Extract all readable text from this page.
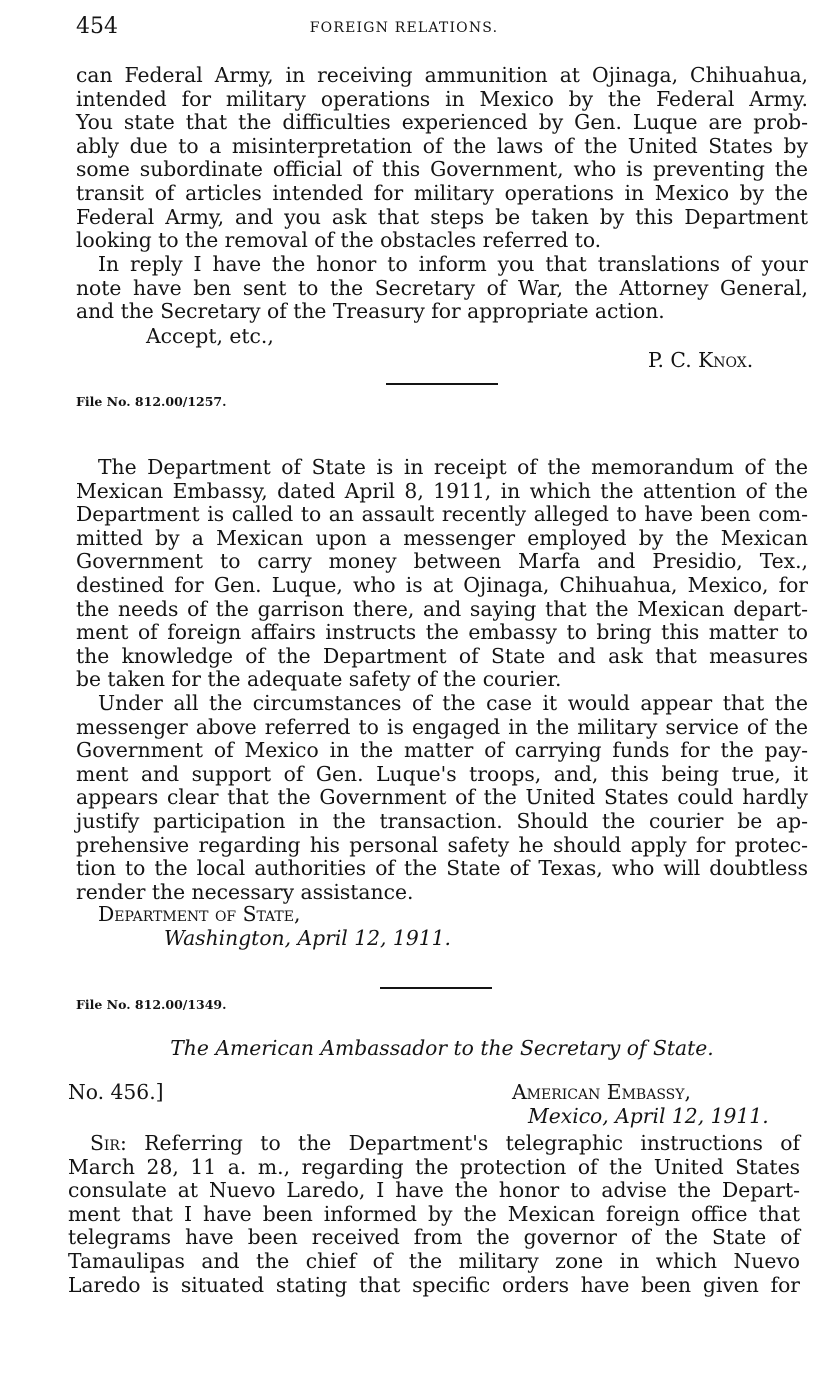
454	FOREIGN RELATIONS.
can Federal Army, in receiving ammunition at Ojinaga, Chihuahua,
intended for military operations in Mexico by the Federal Army.
You state that the difficulties experienced by Gen. Luque are prob-
ably due to a misinterpretation of the laws of the United States by
some subordinate official of this Government, who is preventing the
transit of articles intended for military operations in Mexico by the
Federal Army, and you ask that steps be taken by this Department
looking to the removal of the obstacles referred to.
In reply I have the honor to inform you that translations of your
note have ben sent to the Secretary of War, the Attorney General,
and the Secretary of the Treasury for appropriate action.
Accept, etc.,
P. C. Knox.
File No. 812.00/1257.
The Department of State is in receipt of the memorandum of the
Mexican Embassy, dated April 8, 1911, in which the attention of the
Department is called to an assault recently alleged to have been com-
mitted by a Mexican upon a messenger employed by the Mexican
Government to carry money between Marfa and Presidio, Tex.,
destined for Gen. Luque, who is at Ojinaga, Chihuahua, Mexico, for
the needs of the garrison there, and saying that the Mexican depart-
ment of foreign affairs instructs the embassy to bring this matter to
the knowledge of the Department of State and ask that measures
be taken for the adequate safety of the courier.
Under all the circumstances of the case it would appear that the
messenger above referred to is engaged in the military service of the
Government of Mexico in the matter of carrying funds for the pay-
ment and support of Gen. Luque's troops, and, this being true, it
appears clear that the Government of the United States could hardly
justify participation in the transaction. Should the courier be ap-
prehensive regarding his personal safety he should apply for protec-
tion to the local authorities of the State of Texas, who will doubtless
render the necessary assistance.
Department of State,
Washington, April 12, 1911.
File No. 812.00/1349.
The American Ambassador to the Secretary of State.
No. 456.]	American Embassy,
Mexico, April 12, 1911.
Sir: Referring to the Department's telegraphic instructions of
March 28, 11 a. m., regarding the protection of the United States
consulate at Nuevo Laredo, I have the honor to advise the Depart-
ment that I have been informed by the Mexican foreign office that
telegrams have been received from the governor of the State of
Tamaulipas and the chief of the military zone in which Nuevo
Laredo is situated stating that specific orders have been given for
